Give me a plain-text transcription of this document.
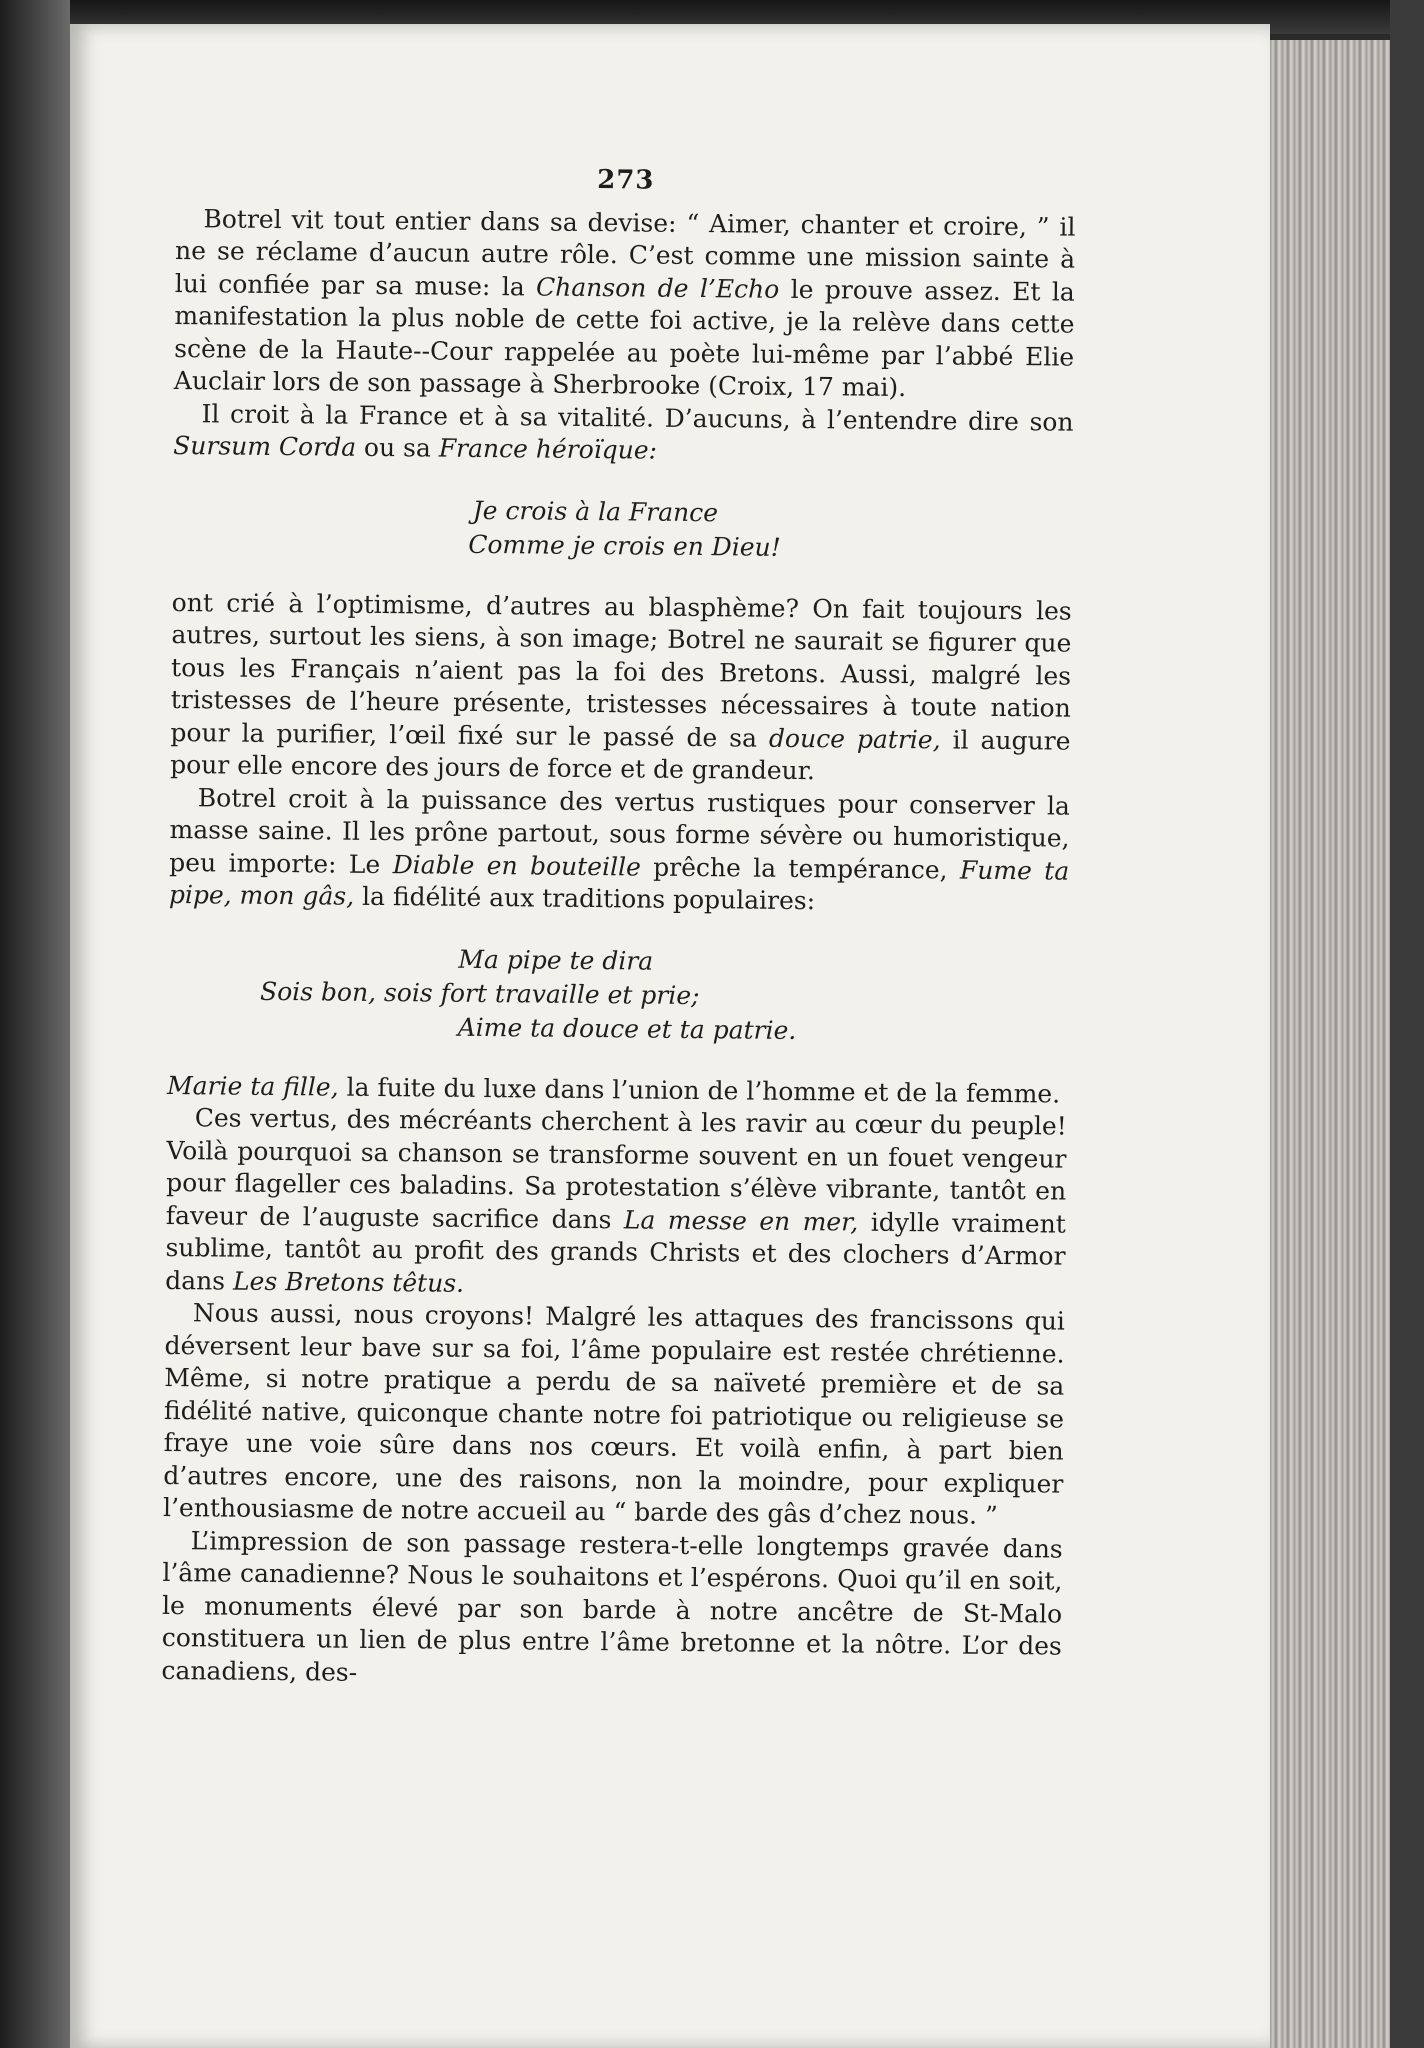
273

Botrel vit tout entier dans sa devise: “ Aimer, chanter et croire, ” il ne se réclame d’aucun autre rôle. C’est comme une mission sainte à lui confiée par sa muse: la Chanson de l’Echo le prouve assez. Et la manifestation la plus noble de cette foi active, je la relève dans cette scène de la Haute--Cour rappelée au poète lui-même par l’abbé Elie Auclair lors de son passage à Sherbrooke (Croix, 17 mai).

Il croit à la France et à sa vitalité. D’aucuns, à l’entendre dire son Sursum Corda ou sa France héroïque:

Je crois à la France
Comme je crois en Dieu!

ont crié à l’optimisme, d’autres au blasphème? On fait toujours les autres, surtout les siens, à son image; Botrel ne saurait se figurer que tous les Français n’aient pas la foi des Bretons. Aussi, malgré les tristesses de l’heure présente, tristesses nécessaires à toute nation pour la purifier, l’œil fixé sur le passé de sa douce patrie, il augure pour elle encore des jours de force et de grandeur.

Botrel croit à la puissance des vertus rustiques pour conserver la masse saine. Il les prône partout, sous forme sévère ou humoristique, peu importe: Le Diable en bouteille prêche la tempérance, Fume ta pipe, mon gâs, la fidélité aux traditions populaires:

Ma pipe te dira
Sois bon, sois fort travaille et prie;
Aime ta douce et ta patrie.

Marie ta fille, la fuite du luxe dans l’union de l’homme et de la femme.

Ces vertus, des mécréants cherchent à les ravir au cœur du peuple! Voilà pourquoi sa chanson se transforme souvent en un fouet vengeur pour flageller ces baladins. Sa protestation s’élève vibrante, tantôt en faveur de l’auguste sacrifice dans La messe en mer, idylle vraiment sublime, tantôt au profit des grands Christs et des clochers d’Armor dans Les Bretons têtus.

Nous aussi, nous croyons! Malgré les attaques des francissons qui déversent leur bave sur sa foi, l’âme populaire est restée chrétienne. Même, si notre pratique a perdu de sa naïveté première et de sa fidélité native, quiconque chante notre foi patriotique ou religieuse se fraye une voie sûre dans nos cœurs. Et voilà enfin, à part bien d’autres encore, une des raisons, non la moindre, pour expliquer l’enthousiasme de notre accueil au “ barde des gâs d’chez nous. ”

L’impression de son passage restera-t-elle longtemps gravée dans l’âme canadienne? Nous le souhaitons et l’espérons. Quoi qu’il en soit, le monuments élevé par son barde à notre ancêtre de St-Malo constituera un lien de plus entre l’âme bretonne et la nôtre. L’or des canadiens, des-
